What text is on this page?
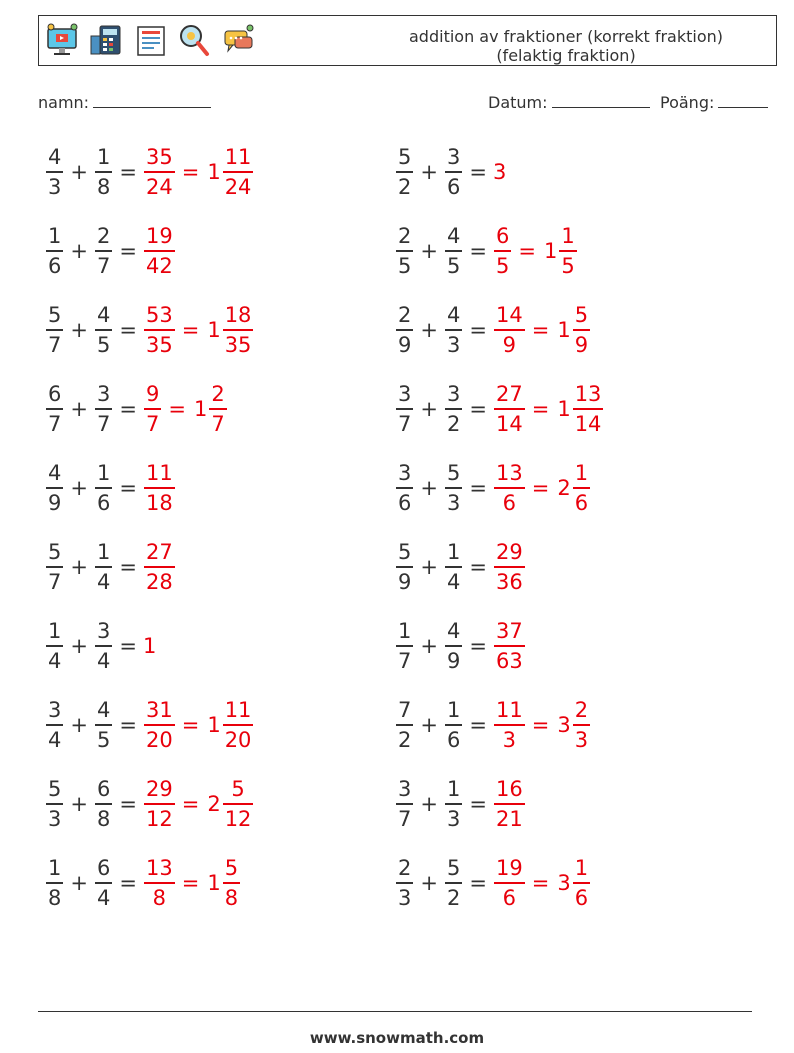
addition av fraktioner (korrekt fraktion)
(felaktig fraktion)
namn:	Datum:	Poäng:
$\frac{4}{3} + \frac{1}{8} = \frac{35}{24} = 1 \frac{11}{24}$	$\frac{5}{2} + \frac{3}{6} = 3$
$\frac{1}{6} + \frac{2}{7} = \frac{19}{42}$	$\frac{2}{5} + \frac{4}{5} = \frac{6}{5} = 1 \frac{1}{5}$
$\frac{5}{7} + \frac{4}{5} = \frac{53}{35} = 1 \frac{18}{35}$	$\frac{2}{9} + \frac{4}{3} = \frac{14}{9} = 1 \frac{5}{9}$
$\frac{6}{7} + \frac{3}{7} = \frac{9}{7} = 1 \frac{2}{7}$	$\frac{3}{7} + \frac{3}{2} = \frac{27}{14} = 1 \frac{13}{14}$
$\frac{4}{9} + \frac{1}{6} = \frac{11}{18}$	$\frac{3}{6} + \frac{5}{3} = \frac{13}{6} = 2 \frac{1}{6}$
$\frac{5}{7} + \frac{1}{4} = \frac{27}{28}$	$\frac{5}{9} + \frac{1}{4} = \frac{29}{36}$
$\frac{1}{4} + \frac{3}{4} = 1$	$\frac{1}{7} + \frac{4}{9} = \frac{37}{63}$
$\frac{3}{4} + \frac{4}{5} = \frac{31}{20} = 1 \frac{11}{20}$	$\frac{7}{2} + \frac{1}{6} = \frac{11}{3} = 3 \frac{2}{3}$
$\frac{5}{3} + \frac{6}{8} = \frac{29}{12} = 2 \frac{5}{12}$	$\frac{3}{7} + \frac{1}{3} = \frac{16}{21}$
$\frac{1}{8} + \frac{6}{4} = \frac{13}{8} = 1 \frac{5}{8}$	$\frac{2}{3} + \frac{5}{2} = \frac{19}{6} = 3 \frac{1}{6}$
www.snowmath.com
